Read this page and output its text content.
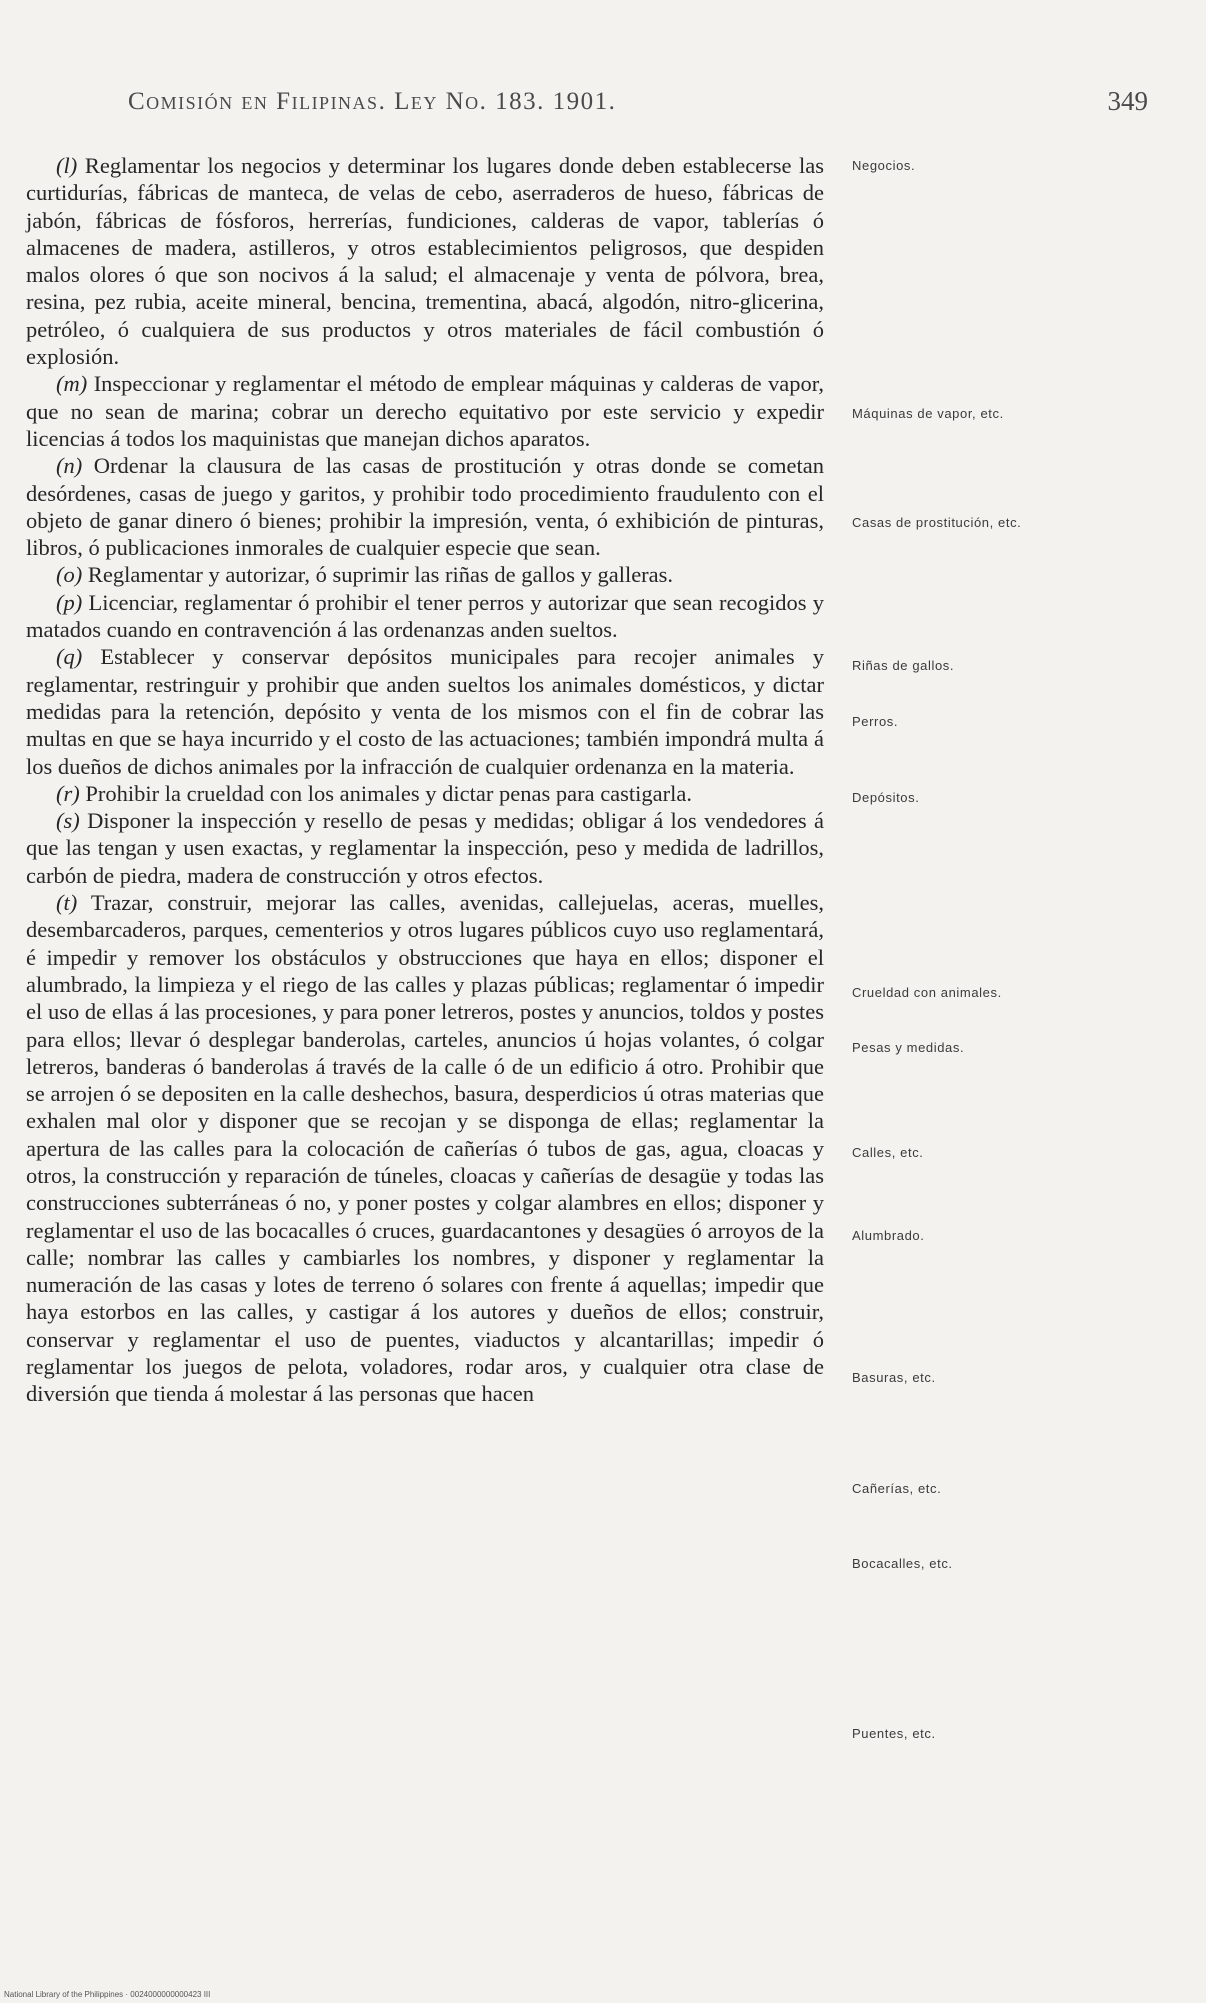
Comisión en Filipinas. Ley No. 183. 1901.	349

(l) Reglamentar los negocios y determinar los lugares donde deben establecerse las curtidurías, fábricas de manteca, de velas de cebo, aserraderos de hueso, fábricas de jabón, fábricas de fósforos, herrerías, fundiciones, calderas de vapor, tablerías ó almacenes de madera, astilleros, y otros establecimientos peligrosos, que despiden malos olores ó que son nocivos á la salud; el almacenaje y venta de pólvora, brea, resina, pez rubia, aceite mineral, bencina, trementina, abacá, algodón, nitro-glicerina, petróleo, ó cualquiera de sus productos y otros materiales de fácil combustión ó explosión.

(m) Inspeccionar y reglamentar el método de emplear máquinas y calderas de vapor, que no sean de marina; cobrar un derecho equitativo por este servicio y expedir licencias á todos los maquinistas que manejan dichos aparatos.

(n) Ordenar la clausura de las casas de prostitución y otras donde se cometan desórdenes, casas de juego y garitos, y prohibir todo procedimiento fraudulento con el objeto de ganar dinero ó bienes; prohibir la impresión, venta, ó exhibición de pinturas, libros, ó publicaciones inmorales de cualquier especie que sean.

(o) Reglamentar y autorizar, ó suprimir las riñas de gallos y galleras.

(p) Licenciar, reglamentar ó prohibir el tener perros y autorizar que sean recogidos y matados cuando en contravención á las ordenanzas anden sueltos.

(q) Establecer y conservar depósitos municipales para recojer animales y reglamentar, restringuir y prohibir que anden sueltos los animales domésticos, y dictar medidas para la retención, depósito y venta de los mismos con el fin de cobrar las multas en que se haya incurrido y el costo de las actuaciones; también impondrá multa á los dueños de dichos animales por la infracción de cualquier ordenanza en la materia.

(r) Prohibir la crueldad con los animales y dictar penas para castigarla.

(s) Disponer la inspección y resello de pesas y medidas; obligar á los vendedores á que las tengan y usen exactas, y reglamentar la inspección, peso y medida de ladrillos, carbón de piedra, madera de construcción y otros efectos.

(t) Trazar, construir, mejorar las calles, avenidas, callejuelas, aceras, muelles, desembarcaderos, parques, cementerios y otros lugares públicos cuyo uso reglamentará, é impedir y remover los obstáculos y obstrucciones que haya en ellos; disponer el alumbrado, la limpieza y el riego de las calles y plazas públicas; reglamentar ó impedir el uso de ellas á las procesiones, y para poner letreros, postes y anuncios, toldos y postes para ellos; llevar ó desplegar banderolas, carteles, anuncios ú hojas volantes, ó colgar letreros, banderas ó banderolas á través de la calle ó de un edificio á otro. Prohibir que se arrojen ó se depositen en la calle deshechos, basura, desperdicios ú otras materias que exhalen mal olor y disponer que se recojan y se disponga de ellas; reglamentar la apertura de las calles para la colocación de cañerías ó tubos de gas, agua, cloacas y otros, la construcción y reparación de túneles, cloacas y cañerías de desagüe y todas las construcciones subterráneas ó no, y poner postes y colgar alambres en ellos; disponer y reglamentar el uso de las bocacalles ó cruces, guardacantones y desagües ó arroyos de la calle; nombrar las calles y cambiarles los nombres, y disponer y reglamentar la numeración de las casas y lotes de terreno ó solares con frente á aquellas; impedir que haya estorbos en las calles, y castigar á los autores y dueños de ellos; construir, conservar y reglamentar el uso de puentes, viaductos y alcantarillas; impedir ó reglamentar los juegos de pelota, voladores, rodar aros, y cualquier otra clase de diversión que tienda á molestar á las personas que hacen

Negocios.
Máquinas de vapor, etc.
Casas de prostitución, etc.
Riñas de gallos.
Perros.
Depósitos.
Crueldad con animales.
Pesas y medidas.
Calles, etc.
Alumbrado.
Basuras, etc.
Cañerías, etc.
Bocacalles, etc.
Puentes, etc.
National Library of the Philippines · 0024000000000423 III
